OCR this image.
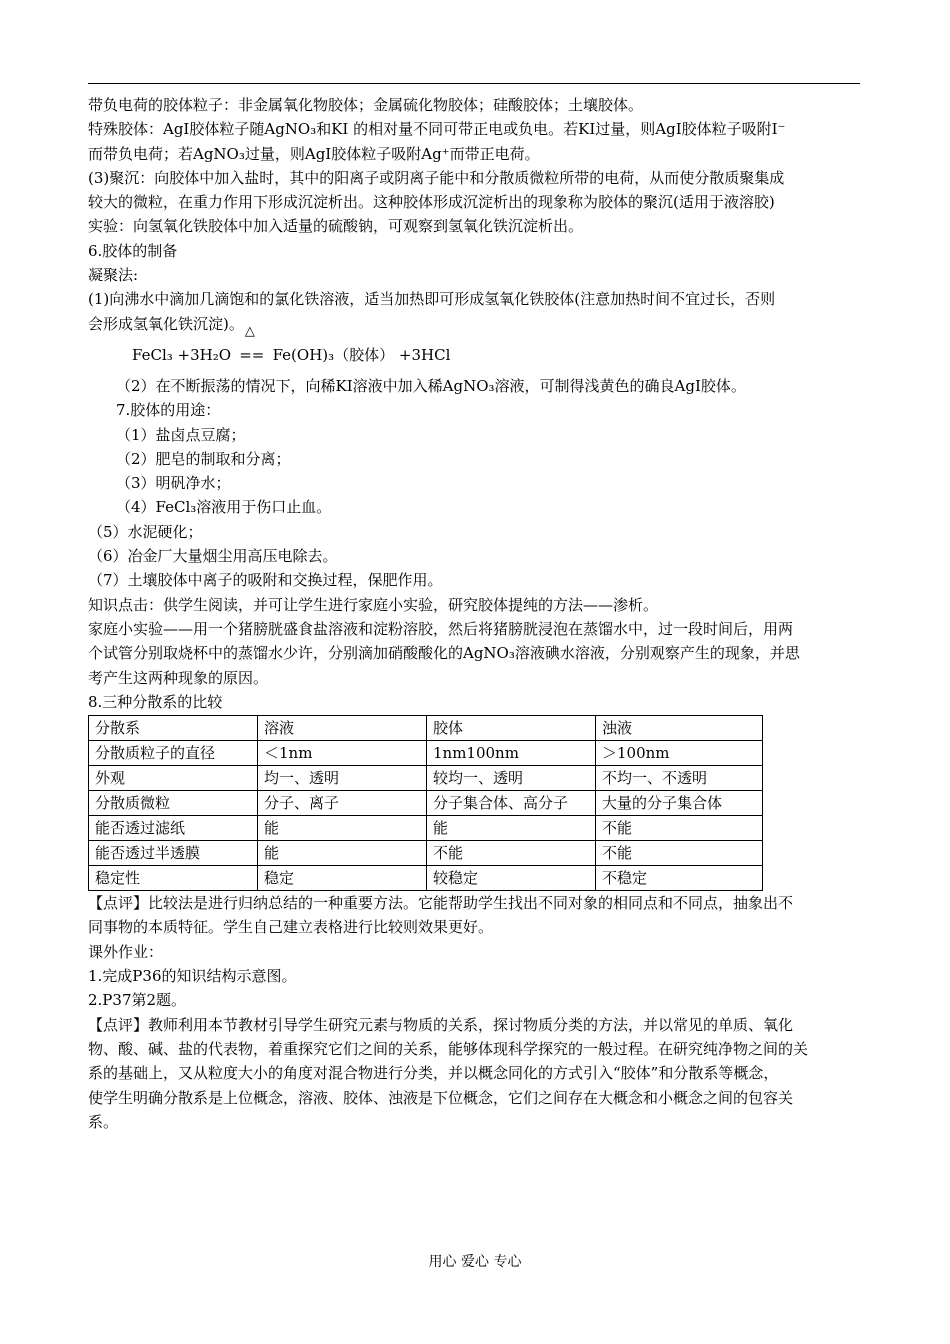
带负电荷的胶体粒子：非金属氧化物胶体；金属硫化物胶体；硅酸胶体；土壤胶体。
特殊胶体：AgI胶体粒子随AgNO₃和KI 的相对量不同可带正电或负电。若KI过量，则AgI胶体粒子吸附I⁻
而带负电荷；若AgNO₃过量，则AgI胶体粒子吸附Ag⁺而带正电荷。
(3)聚沉：向胶体中加入盐时，其中的阳离子或阴离子能中和分散质微粒所带的电荷，从而使分散质聚集成
较大的微粒，在重力作用下形成沉淀析出。这种胶体形成沉淀析出的现象称为胶体的聚沉(适用于液溶胶)
实验：向氢氧化铁胶体中加入适量的硫酸钠，可观察到氢氧化铁沉淀析出。
6.胶体的制备
凝聚法:
(1)向沸水中滴加几滴饱和的氯化铁溶液，适当加热即可形成氢氧化铁胶体(注意加热时间不宜过长，否则
会形成氢氧化铁沉淀)。
FeCl₃ +3H₂O
△
== Fe(OH)₃（胶体） +3HCl
（2）在不断振荡的情况下，向稀KI溶液中加入稀AgNO₃溶液，可制得浅黄色的确良AgI胶体。
7.胶体的用途：
（1）盐卤点豆腐；
（2）肥皂的制取和分离；
（3）明矾净水；
（4）FeCl₃溶液用于伤口止血。
（5）水泥硬化；
（6）冶金厂大量烟尘用高压电除去。
（7）土壤胶体中离子的吸附和交换过程，保肥作用。
知识点击：供学生阅读，并可让学生进行家庭小实验，研究胶体提纯的方法——渗析。
家庭小实验——用一个猪膀胱盛食盐溶液和淀粉溶胶，然后将猪膀胱浸泡在蒸馏水中，过一段时间后，用两
个试管分别取烧杯中的蒸馏水少许，分别滴加硝酸酸化的AgNO₃溶液碘水溶液，分别观察产生的现象，并思
考产生这两种现象的原因。
8.三种分散系的比较
分散系	溶液	胶体	浊液
分散质粒子的直径	＜1nm	1nm100nm	＞100nm
外观	均一、透明	较均一、透明	不均一、不透明
分散质微粒	分子、离子	分子集合体、高分子	大量的分子集合体
能否透过滤纸	能	能	不能
能否透过半透膜	能	不能	不能
稳定性	稳定	较稳定	不稳定
【点评】比较法是进行归纳总结的一种重要方法。它能帮助学生找出不同对象的相同点和不同点，抽象出不
同事物的本质特征。学生自己建立表格进行比较则效果更好。
课外作业：
1.完成P36的知识结构示意图。
2.P37第2题。
【点评】教师利用本节教材引导学生研究元素与物质的关系，探讨物质分类的方法，并以常见的单质、氧化
物、酸、碱、盐的代表物，着重探究它们之间的关系，能够体现科学探究的一般过程。在研究纯净物之间的关
系的基础上，又从粒度大小的角度对混合物进行分类，并以概念同化的方式引入“胶体”和分散系等概念，
使学生明确分散系是上位概念，溶液、胶体、浊液是下位概念，它们之间存在大概念和小概念之间的包容关
系。
用心 爱心 专心
